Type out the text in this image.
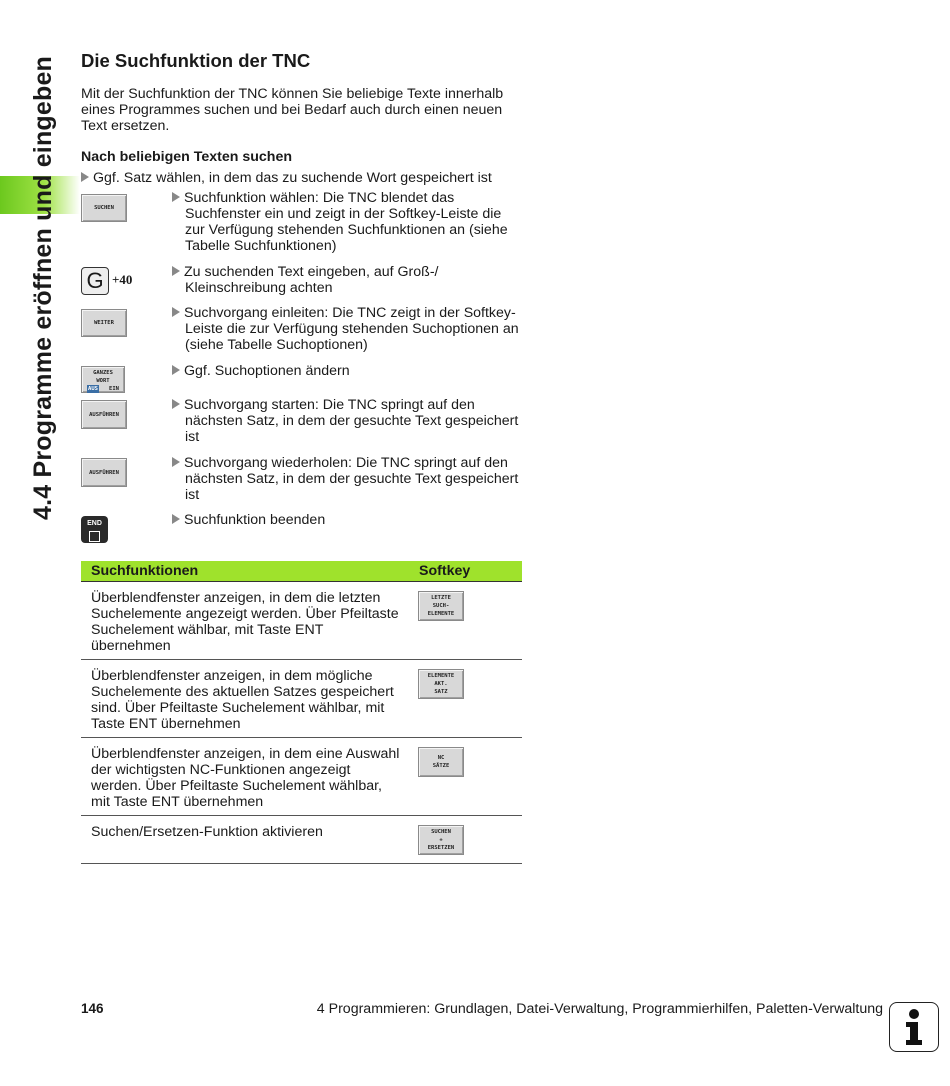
4.4 Programme eröffnen und eingeben Die Suchfunktion der TNC
Mit der Suchfunktion der TNC können Sie beliebige Texte innerhalb eines Programmes suchen und bei Bedarf auch durch einen neuen Text ersetzen.
Nach beliebigen Texten suchen
Ggf. Satz wählen, in dem das zu suchende Wort gespeichert ist
SUCHEN
Suchfunktion wählen: Die TNC blendet das Suchfenster ein und zeigt in der Softkey-Leiste die zur Verfügung stehenden Suchfunktionen an (siehe Tabelle Suchfunktionen)
G +40	Zu suchenden Text eingeben, auf Groß-/ Kleinschreibung achten
WEITER
Suchvorgang einleiten: Die TNC zeigt in der Softkey-Leiste die zur Verfügung stehenden Suchoptionen an (siehe Tabelle Suchoptionen)
GANZES
WORT
AUS EIN
Ggf. Suchoptionen ändern
AUSFÜHREN
Suchvorgang starten: Die TNC springt auf den nächsten Satz, in dem der gesuchte Text gespeichert ist
AUSFÜHREN
Suchvorgang wiederholen: Die TNC springt auf den nächsten Satz, in dem der gesuchte Text gespeichert ist
END	Suchfunktion beenden
Suchfunktionen	Softkey
Überblendfenster anzeigen, in dem die letzten Suchelemente angezeigt werden. Über Pfeiltaste Suchelement wählbar, mit Taste ENT übernehmen
LETZTE
SUCH-
ELEMENTE
Überblendfenster anzeigen, in dem mögliche Suchelemente des aktuellen Satzes gespeichert sind. Über Pfeiltaste Suchelement wählbar, mit Taste ENT übernehmen
ELEMENTE
AKT.
SATZ
Überblendfenster anzeigen, in dem eine Auswahl der wichtigsten NC-Funktionen angezeigt werden. Über Pfeiltaste Suchelement wählbar, mit Taste ENT übernehmen
NC
SÄTZE
Suchen/Ersetzen-Funktion aktivieren	SUCHEN
+
ERSETZEN
146	4 Programmieren: Grundlagen, Datei-Verwaltung, Programmierhilfen, Paletten-Verwaltung
